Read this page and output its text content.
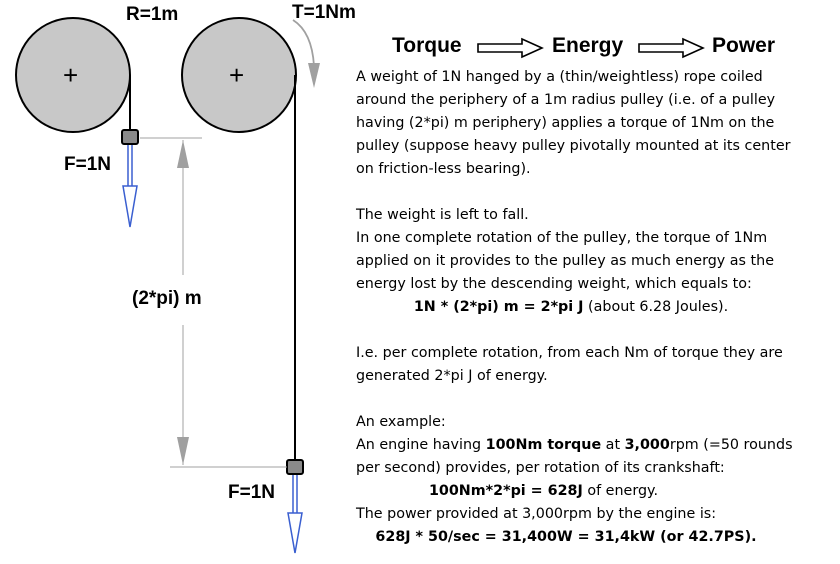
+	+
R=1m	T=1Nm
F=1N
(2*pi) m
F=1N
Torque	Energy	Power

A weight of 1N hanged by a (thin/weightless) rope coiled

around the periphery of a 1m radius pulley (i.e. of a pulley

having (2*pi) m periphery) applies a torque of 1Nm on the

pulley (suppose heavy pulley pivotally mounted at its center

on friction-less bearing).

The weight is left to fall.

In one complete rotation of the pulley, the torque of 1Nm

applied on it provides to the pulley as much energy as the

energy lost by the descending weight, which equals to:

1N * (2*pi) m = 2*pi J (about 6.28 Joules).

I.e. per complete rotation, from each Nm of torque they are

generated 2*pi J of energy.

An example:

An engine having 100Nm torque at 3,000rpm (=50 rounds

per second) provides, per rotation of its crankshaft:

100Nm*2*pi = 628J of energy.

The power provided at 3,000rpm by the engine is:

628J * 50/sec = 31,400W = 31,4kW (or 42.7PS).
